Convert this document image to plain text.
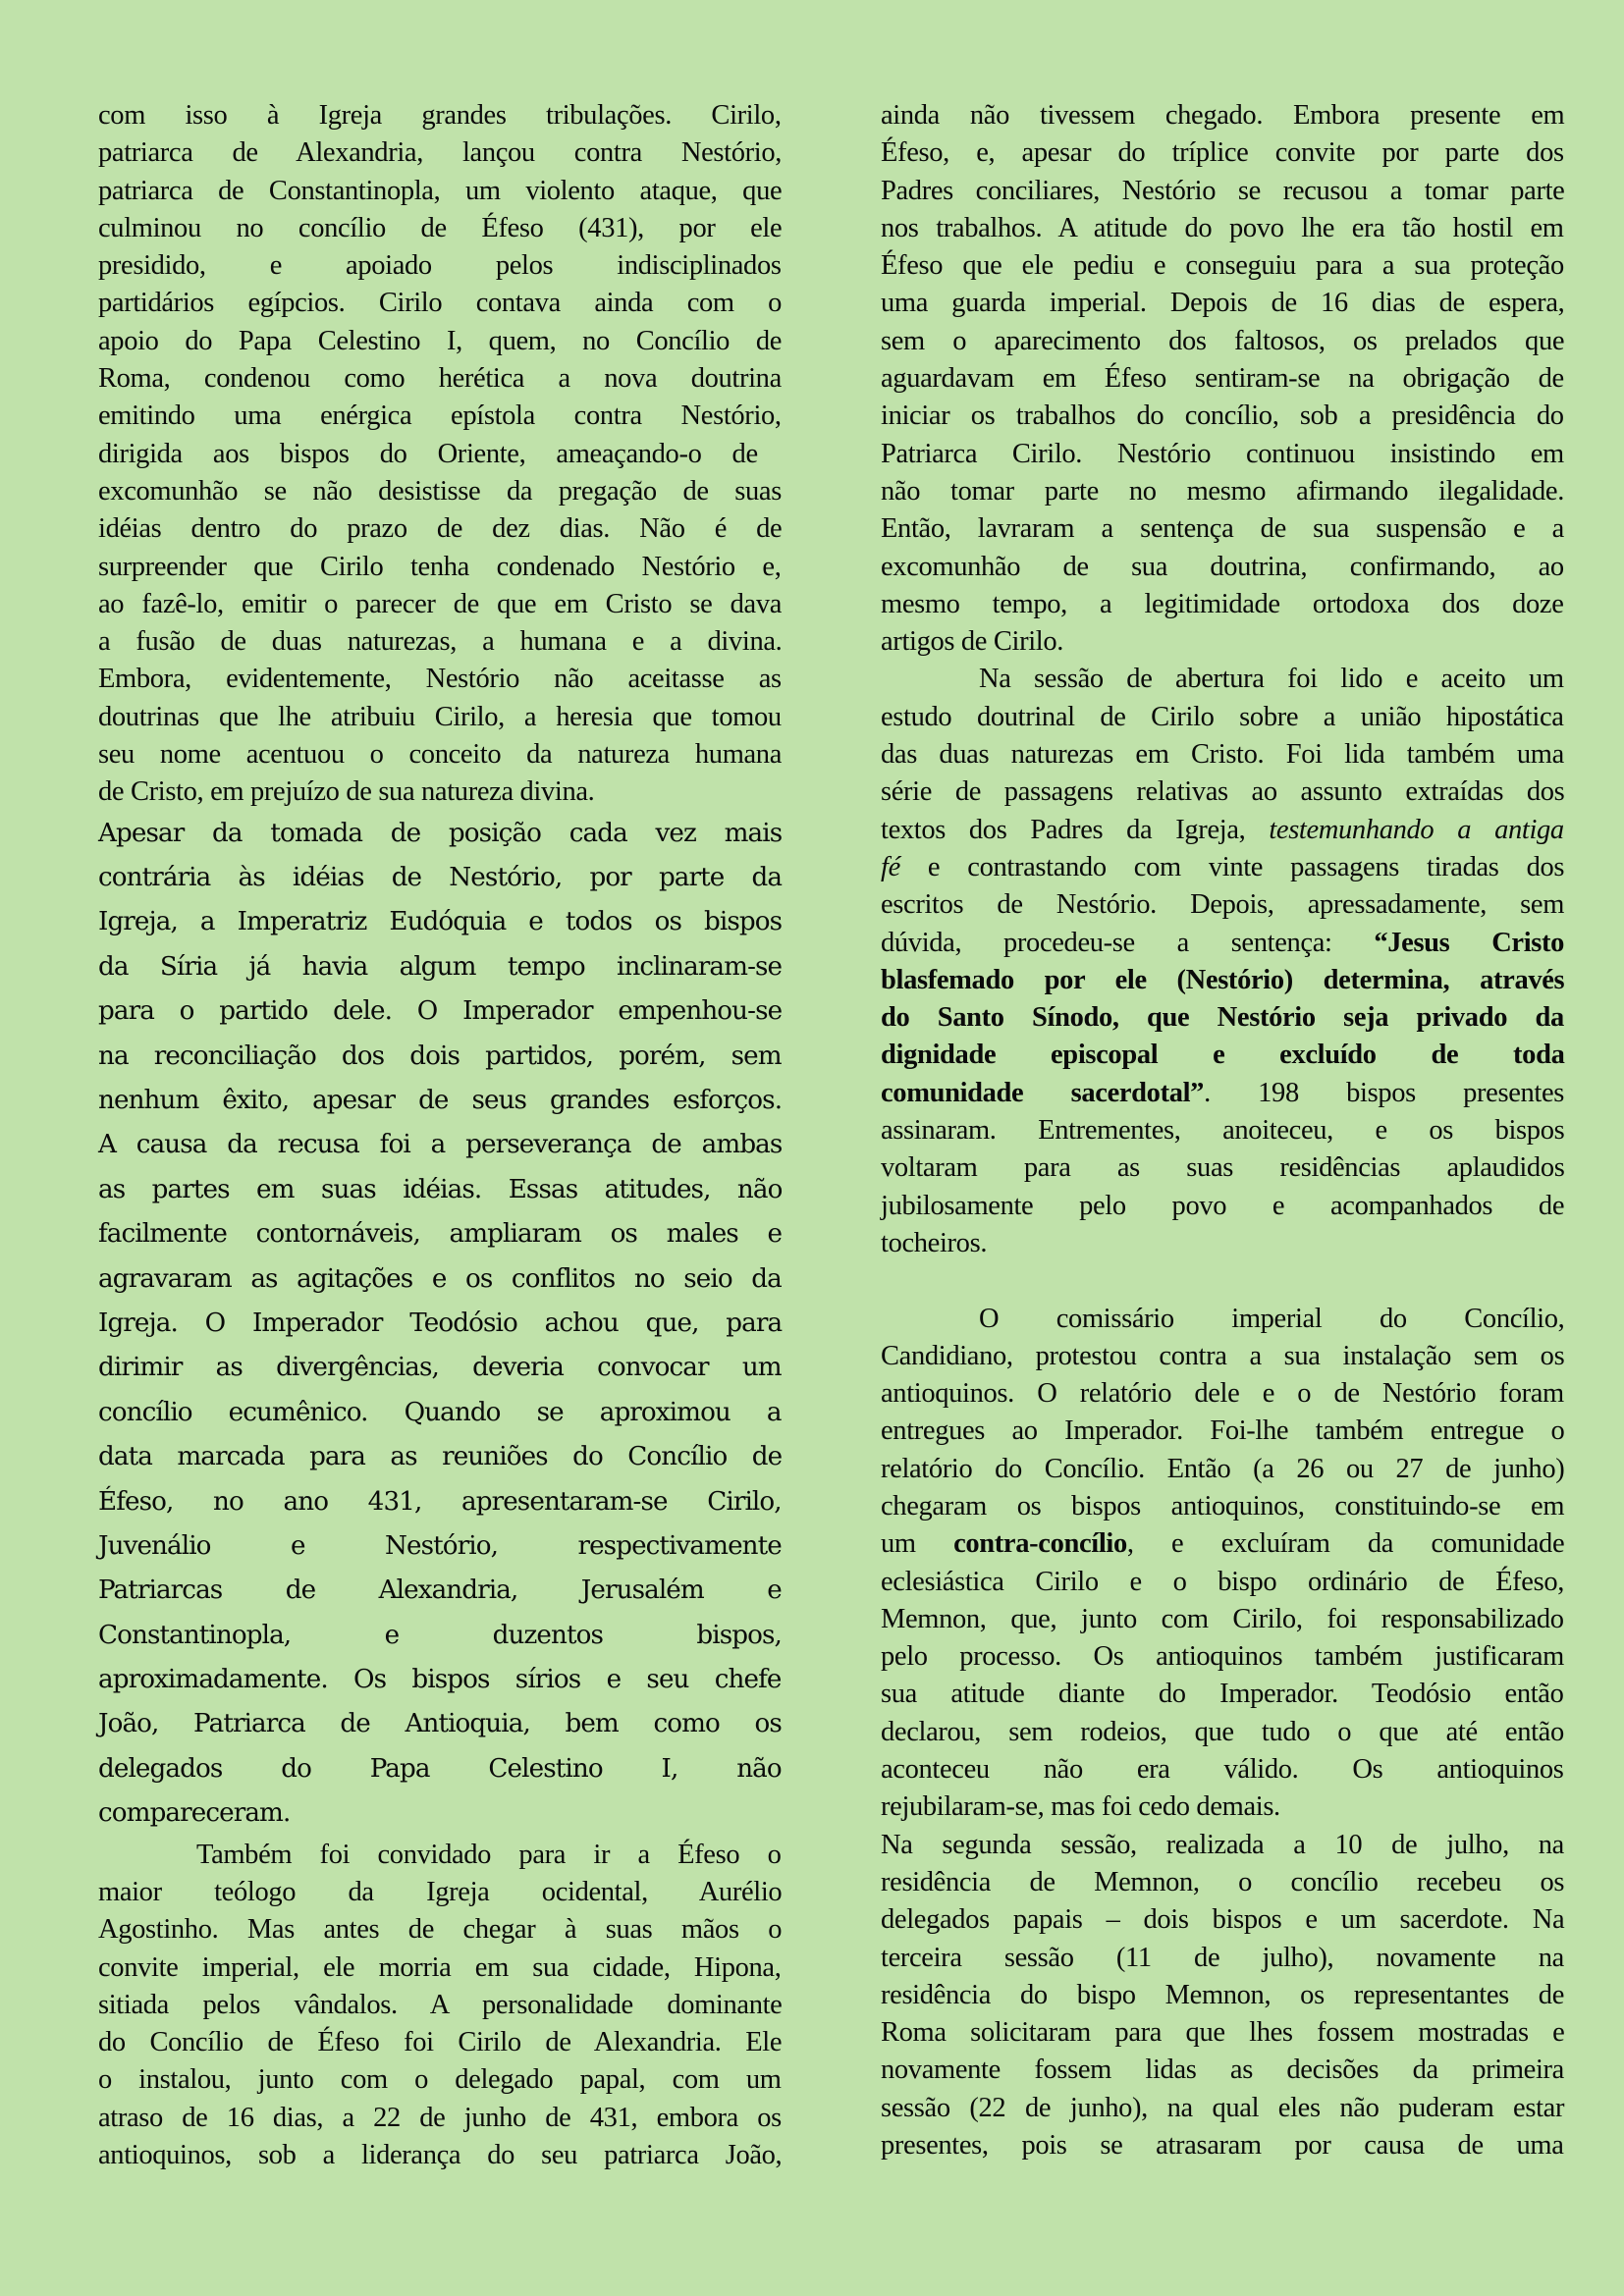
com isso à Igreja grandes tribulações. Cirilo,
patriarca de Alexandria, lançou contra Nestório,
patriarca de Constantinopla, um violento ataque, que
culminou no concílio de Éfeso (431), por ele
presidido, e apoiado pelos indisciplinados
partidários egípcios. Cirilo contava ainda com o
apoio do Papa Celestino I, quem, no Concílio de
Roma, condenou como herética a nova doutrina
emitindo uma enérgica epístola contra Nestório,
dirigida aos bispos do Oriente, ameaçando-o de
excomunhão se não desistisse da pregação de suas
idéias dentro do prazo de dez dias. Não é de
surpreender que Cirilo tenha condenado Nestório e,
ao fazê-lo, emitir o parecer de que em Cristo se dava
a fusão de duas naturezas, a humana e a divina.
Embora, evidentemente, Nestório não aceitasse as
doutrinas que lhe atribuiu Cirilo, a heresia que tomou
seu nome acentuou o conceito da natureza humana
de Cristo, em prejuízo de sua natureza divina.
Apesar da tomada de posição cada vez mais
contrária às idéias de Nestório, por parte da
Igreja, a Imperatriz Eudóquia e todos os bispos
da Síria já havia algum tempo inclinaram-se
para o partido dele. O Imperador empenhou-se
na reconciliação dos dois partidos, porém, sem
nenhum êxito, apesar de seus grandes esforços.
A causa da recusa foi a perseverança de ambas
as partes em suas idéias. Essas atitudes, não
facilmente contornáveis, ampliaram os males e
agravaram as agitações e os conflitos no seio da
Igreja. O Imperador Teodósio achou que, para
dirimir as divergências, deveria convocar um
concílio ecumênico. Quando se aproximou a
data marcada para as reuniões do Concílio de
Éfeso, no ano 431, apresentaram-se Cirilo,
Juvenálio e Nestório, respectivamente
Patriarcas de Alexandria, Jerusalém e
Constantinopla, e duzentos bispos,
aproximadamente. Os bispos sírios e seu chefe
João, Patriarca de Antioquia, bem como os
delegados do Papa Celestino I, não
compareceram.
Também foi convidado para ir a Éfeso o
maior teólogo da Igreja ocidental, Aurélio
Agostinho. Mas antes de chegar à suas mãos o
convite imperial, ele morria em sua cidade, Hipona,
sitiada pelos vândalos. A personalidade dominante
do Concílio de Éfeso foi Cirilo de Alexandria. Ele
o instalou, junto com o delegado papal, com um
atraso de 16 dias, a 22 de junho de 431, embora os
antioquinos, sob a liderança do seu patriarca João,
ainda não tivessem chegado. Embora presente em
Éfeso, e, apesar do tríplice convite por parte dos
Padres conciliares, Nestório se recusou a tomar parte
nos trabalhos. A atitude do povo lhe era tão hostil em
Éfeso que ele pediu e conseguiu para a sua proteção
uma guarda imperial. Depois de 16 dias de espera,
sem o aparecimento dos faltosos, os prelados que
aguardavam em Éfeso sentiram-se na obrigação de
iniciar os trabalhos do concílio, sob a presidência do
Patriarca Cirilo. Nestório continuou insistindo em
não tomar parte no mesmo afirmando ilegalidade.
Então, lavraram a sentença de sua suspensão e a
excomunhão de sua doutrina, confirmando, ao
mesmo tempo, a legitimidade ortodoxa dos doze
artigos de Cirilo.
Na sessão de abertura foi lido e aceito um
estudo doutrinal de Cirilo sobre a união hipostática
das duas naturezas em Cristo. Foi lida também uma
série de passagens relativas ao assunto extraídas dos
textos dos Padres da Igreja, testemunhando a antiga
fé e contrastando com vinte passagens tiradas dos
escritos de Nestório. Depois, apressadamente, sem
dúvida, procedeu-se a sentença: “Jesus Cristo
blasfemado por ele (Nestório) determina, através
do Santo Sínodo, que Nestório seja privado da
dignidade episcopal e excluído de toda
comunidade sacerdotal”. 198 bispos presentes
assinaram. Entrementes, anoiteceu, e os bispos
voltaram para as suas residências aplaudidos
jubilosamente pelo povo e acompanhados de
tocheiros.
O comissário imperial do Concílio,
Candidiano, protestou contra a sua instalação sem os
antioquinos. O relatório dele e o de Nestório foram
entregues ao Imperador. Foi-lhe também entregue o
relatório do Concílio. Então (a 26 ou 27 de junho)
chegaram os bispos antioquinos, constituindo-se em
um contra-concílio, e excluíram da comunidade
eclesiástica Cirilo e o bispo ordinário de Éfeso,
Memnon, que, junto com Cirilo, foi responsabilizado
pelo processo. Os antioquinos também justificaram
sua atitude diante do Imperador. Teodósio então
declarou, sem rodeios, que tudo o que até então
aconteceu não era válido. Os antioquinos
rejubilaram-se, mas foi cedo demais.
Na segunda sessão, realizada a 10 de julho, na
residência de Memnon, o concílio recebeu os
delegados papais – dois bispos e um sacerdote. Na
terceira sessão (11 de julho), novamente na
residência do bispo Memnon, os representantes de
Roma solicitaram para que lhes fossem mostradas e
novamente fossem lidas as decisões da primeira
sessão (22 de junho), na qual eles não puderam estar
presentes, pois se atrasaram por causa de uma
